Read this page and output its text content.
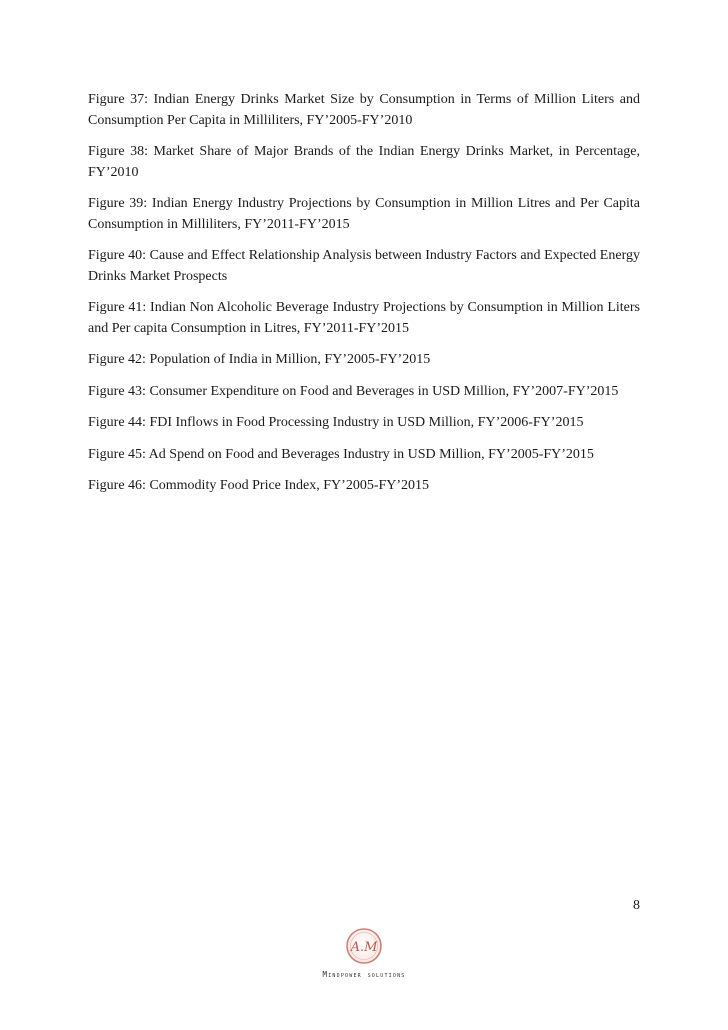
Figure 37: Indian Energy Drinks Market Size by Consumption in Terms of Million Liters and Consumption Per Capita in Milliliters, FY’2005-FY’2010

Figure 38: Market Share of Major Brands of the Indian Energy Drinks Market, in Percentage, FY’2010

Figure 39: Indian Energy Industry Projections by Consumption in Million Litres and Per Capita Consumption in Milliliters, FY’2011-FY’2015

Figure 40: Cause and Effect Relationship Analysis between Industry Factors and Expected Energy Drinks Market Prospects

Figure 41: Indian Non Alcoholic Beverage Industry Projections by Consumption in Million Liters and Per capita Consumption in Litres, FY’2011-FY’2015

Figure 42: Population of India in Million, FY’2005-FY’2015

Figure 43: Consumer Expenditure on Food and Beverages in USD Million, FY’2007-FY’2015

Figure 44: FDI Inflows in Food Processing Industry in USD Million, FY’2006-FY’2015

Figure 45: Ad Spend on Food and Beverages Industry in USD Million, FY’2005-FY’2015

Figure 46: Commodity Food Price Index, FY’2005-FY’2015

8
A.M
Mindpower solutions
